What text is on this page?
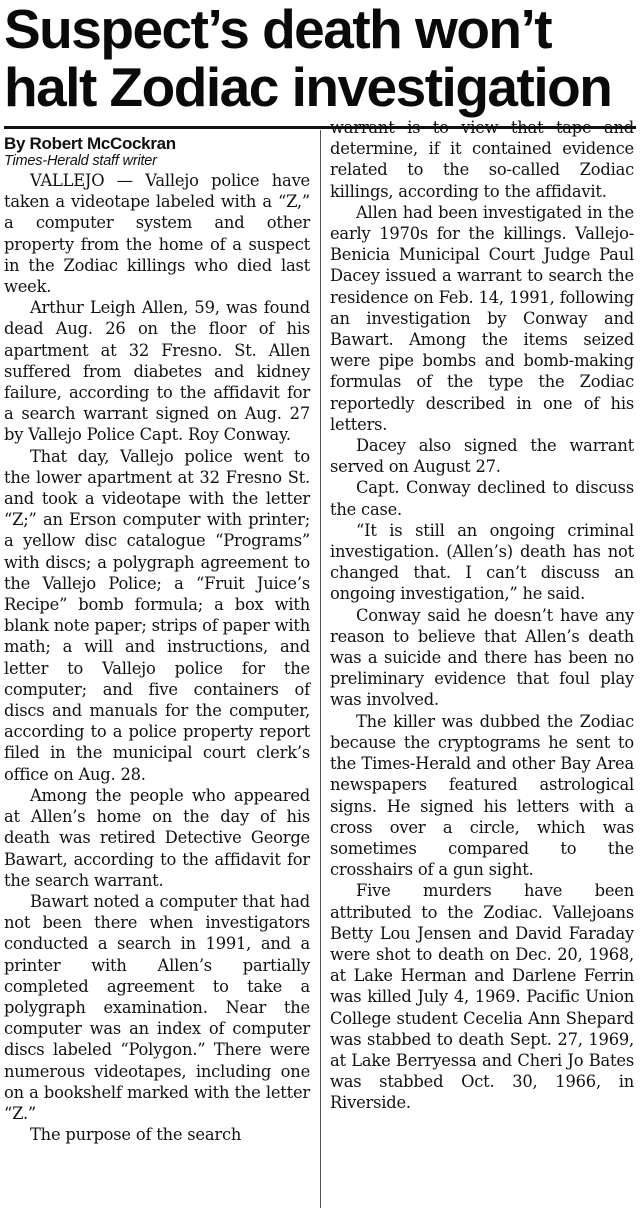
Suspect’s death won’t halt Zodiac investigation

By Robert McCockran

Times-Herald staff writer

VALLEJO — Vallejo police have taken a videotape labeled with a “Z,” a computer system and other property from the home of a suspect in the Zodiac killings who died last week.

Arthur Leigh Allen, 59, was found dead Aug. 26 on the floor of his apartment at 32 Fresno. St. Allen suffered from diabetes and kidney failure, according to the affidavit for a search warrant signed on Aug. 27 by Vallejo Police Capt. Roy Conway.

That day, Vallejo police went to the lower apartment at 32 Fresno St. and took a videotape with the letter “Z;” an Erson computer with printer; a yellow disc catalogue “Programs” with discs; a polygraph agreement to the Vallejo Police; a “Fruit Juice’s Recipe” bomb formula; a box with blank note paper; strips of paper with math; a will and instructions, and letter to Vallejo police for the computer; and five containers of discs and manuals for the computer, according to a police property report filed in the municipal court clerk’s office on Aug. 28.

Among the people who appeared at Allen’s home on the day of his death was retired Detective George Bawart, according to the affidavit for the search warrant.

Bawart noted a computer that had not been there when investigators conducted a search in 1991, and a printer with Allen’s partially completed agreement to take a polygraph examination. Near the computer was an index of computer discs labeled “Polygon.” There were numerous videotapes, including one on a bookshelf marked with the letter “Z.”

The purpose of the search

warrant is to view that tape and determine, if it contained evidence related to the so-called Zodiac killings, according to the affidavit.

Allen had been investigated in the early 1970s for the killings. Vallejo-Benicia Municipal Court Judge Paul Dacey issued a warrant to search the residence on Feb. 14, 1991, following an investigation by Conway and Bawart. Among the items seized were pipe bombs and bomb-making formulas of the type the Zodiac reportedly described in one of his letters.

Dacey also signed the warrant served on August 27.

Capt. Conway declined to discuss the case.

“It is still an ongoing criminal investigation. (Allen’s) death has not changed that. I can’t discuss an ongoing investigation,” he said.

Conway said he doesn’t have any reason to believe that Allen’s death was a suicide and there has been no preliminary evidence that foul play was involved.

The killer was dubbed the Zodiac because the cryptograms he sent to the Times-Herald and other Bay Area newspapers featured astrological signs. He signed his letters with a cross over a circle, which was sometimes compared to the crosshairs of a gun sight.

Five murders have been attributed to the Zodiac. Vallejoans Betty Lou Jensen and David Faraday were shot to death on Dec. 20, 1968, at Lake Herman and Darlene Ferrin was killed July 4, 1969. Pacific Union College student Cecelia Ann Shepard was stabbed to death Sept. 27, 1969, at Lake Berryessa and Cheri Jo Bates was stabbed Oct. 30, 1966, in Riverside.
